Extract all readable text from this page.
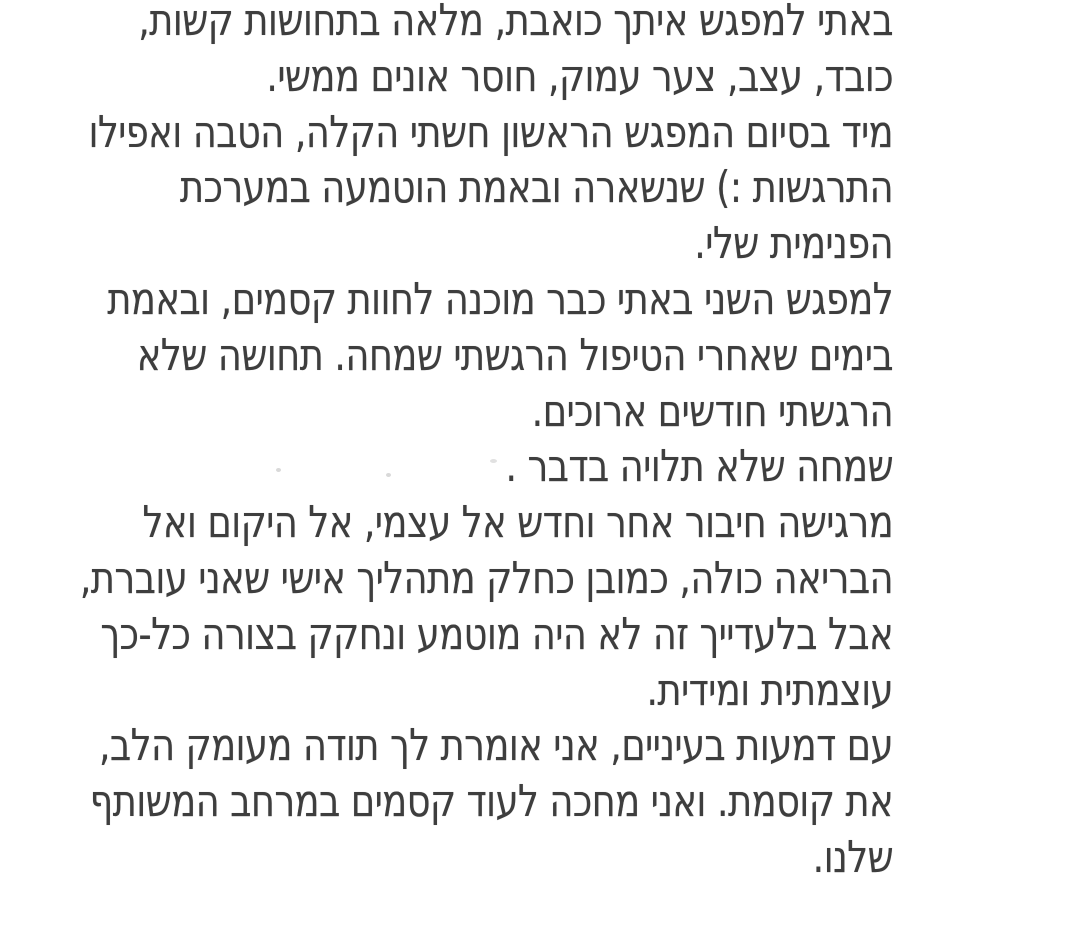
באתי למפגש איתך כואבת, מלאה בתחושות קשות,
כובד, עצב, צער עמוק, חוסר אונים ממשי.
מיד בסיום המפגש הראשון חשתי הקלה, הטבה ואפילו
התרגשות :) שנשארה ובאמת הוטמעה במערכת
הפנימית שלי.
למפגש השני באתי כבר מוכנה לחוות קסמים, ובאמת
בימים שאחרי הטיפול הרגשתי שמחה. תחושה שלא
הרגשתי חודשים ארוכים.
שמחה שלא תלויה בדבר .
מרגישה חיבור אחר וחדש אל עצמי, אל היקום ואל
הבריאה כולה, כמובן כחלק מתהליך אישי שאני עוברת,
אבל בלעדייך זה לא היה מוטמע ונחקק בצורה כל-כך
עוצמתית ומידית.
עם דמעות בעיניים, אני אומרת לך תודה מעומק הלב,
את קוסמת. ואני מחכה לעוד קסמים במרחב המשותף
שלנו.
